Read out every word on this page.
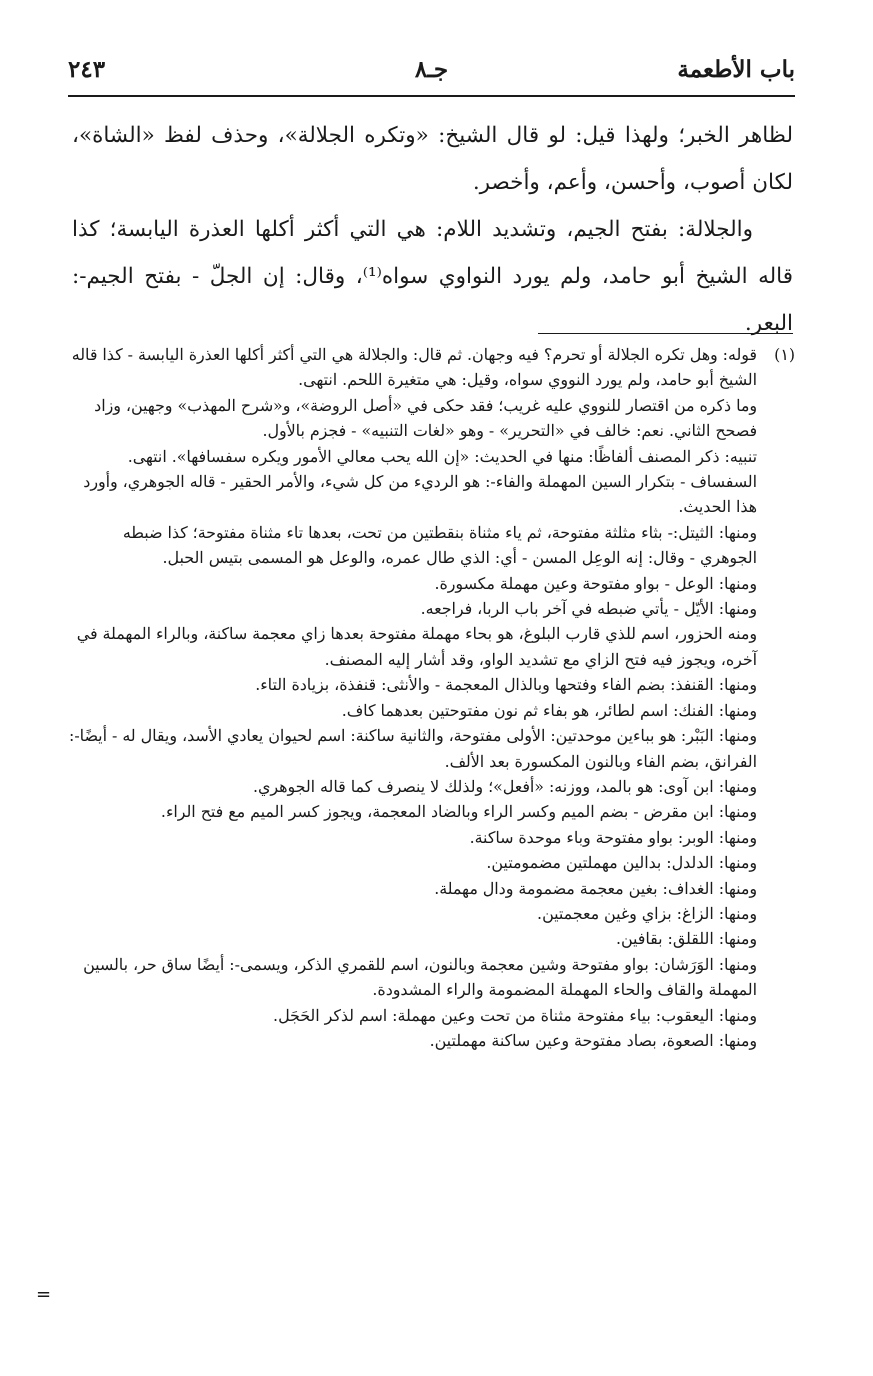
باب الأطعمة
جـ٨
٢٤٣

لظاهر الخبر؛ ولهذا قيل: لو قال الشيخ: «وتكره الجلالة»، وحذف لفظ «الشاة»، لكان أصوب، وأحسن، وأعم، وأخصر.

والجلالة: بفتح الجيم، وتشديد اللام: هي التي أكثر أكلها العذرة اليابسة؛ كذا قاله الشيخ أبو حامد، ولم يورد النواوي سواه⁽¹⁾، وقال: إن الجلّ - بفتح الجيم-: البعر.

(١)

قوله: وهل تكره الجلالة أو تحرم؟ فيه وجهان. ثم قال: والجلالة هي التي أكثر أكلها العذرة اليابسة - كذا قاله الشيخ أبو حامد، ولم يورد النووي سواه، وقيل: هي متغيرة اللحم. انتهى.

وما ذكره من اقتصار للنووي عليه غريب؛ فقد حكى في «أصل الروضة»، و«شرح المهذب» وجهين، وزاد فصحح الثاني. نعم: خالف في «التحرير» - وهو «لغات التنبيه» - فجزم بالأول.

تنبيه: ذكر المصنف ألفاظًا: منها في الحديث: «إن الله يحب معالي الأمور ويكره سفسافها». انتهى.

السفساف - بتكرار السين المهملة والفاء-: هو الرديء من كل شيء، والأمر الحقير - قاله الجوهري، وأورد هذا الحديث.

ومنها: الثيتل:- بثاء مثلثة مفتوحة، ثم ياء مثناة بنقطتين من تحت، بعدها تاء مثناة مفتوحة؛ كذا ضبطه الجوهري - وقال: إنه الوعِل المسن - أي: الذي طال عمره، والوعل هو المسمى بتيس الحبل.

ومنها: الوعل - بواو مفتوحة وعين مهملة مكسورة.

ومنها: الأيّل - يأتي ضبطه في آخر باب الربا، فراجعه.

ومنه الحزور، اسم للذي قارب البلوغ، هو بحاء مهملة مفتوحة بعدها زاي معجمة ساكنة، وبالراء المهملة في آخره، ويجوز فيه فتح الزاي مع تشديد الواو، وقد أشار إليه المصنف.

ومنها: القنفذ: بضم الفاء وفتحها وبالذال المعجمة - والأنثى: قنفذة، بزيادة التاء.

ومنها: الفنك: اسم لطائر، هو بفاء ثم نون مفتوحتين بعدهما كاف.

ومنها: البَبْر: هو بباءين موحدتين: الأولى مفتوحة، والثانية ساكنة: اسم لحيوان يعادي الأسد، ويقال له - أيضًا-: الفرانق، بضم الفاء وبالنون المكسورة بعد الألف.

ومنها: ابن آوى: هو بالمد، ووزنه: «أفعل»؛ ولذلك لا ينصرف كما قاله الجوهري.

ومنها: ابن مقرض - بضم الميم وكسر الراء وبالضاد المعجمة، ويجوز كسر الميم مع فتح الراء.

ومنها: الوبر: بواو مفتوحة وباء موحدة ساكنة.

ومنها: الدلدل: بدالين مهملتين مضمومتين.

ومنها: الغداف: بغين معجمة مضمومة ودال مهملة.

ومنها: الزاغ: بزاي وغين معجمتين.

ومنها: اللقلق: بقافين.

ومنها: الوَرَشان: بواو مفتوحة وشين معجمة وبالنون، اسم للقمري الذكر، ويسمى-: أيضًا ساق حر، بالسين المهملة والقاف والحاء المهملة المضمومة والراء المشدودة.

ومنها: اليعقوب: بياء مفتوحة مثناة من تحت وعين مهملة: اسم لذكر الحَجَل.

ومنها: الصعوة، بصاد مفتوحة وعين ساكنة مهملتين.

=
